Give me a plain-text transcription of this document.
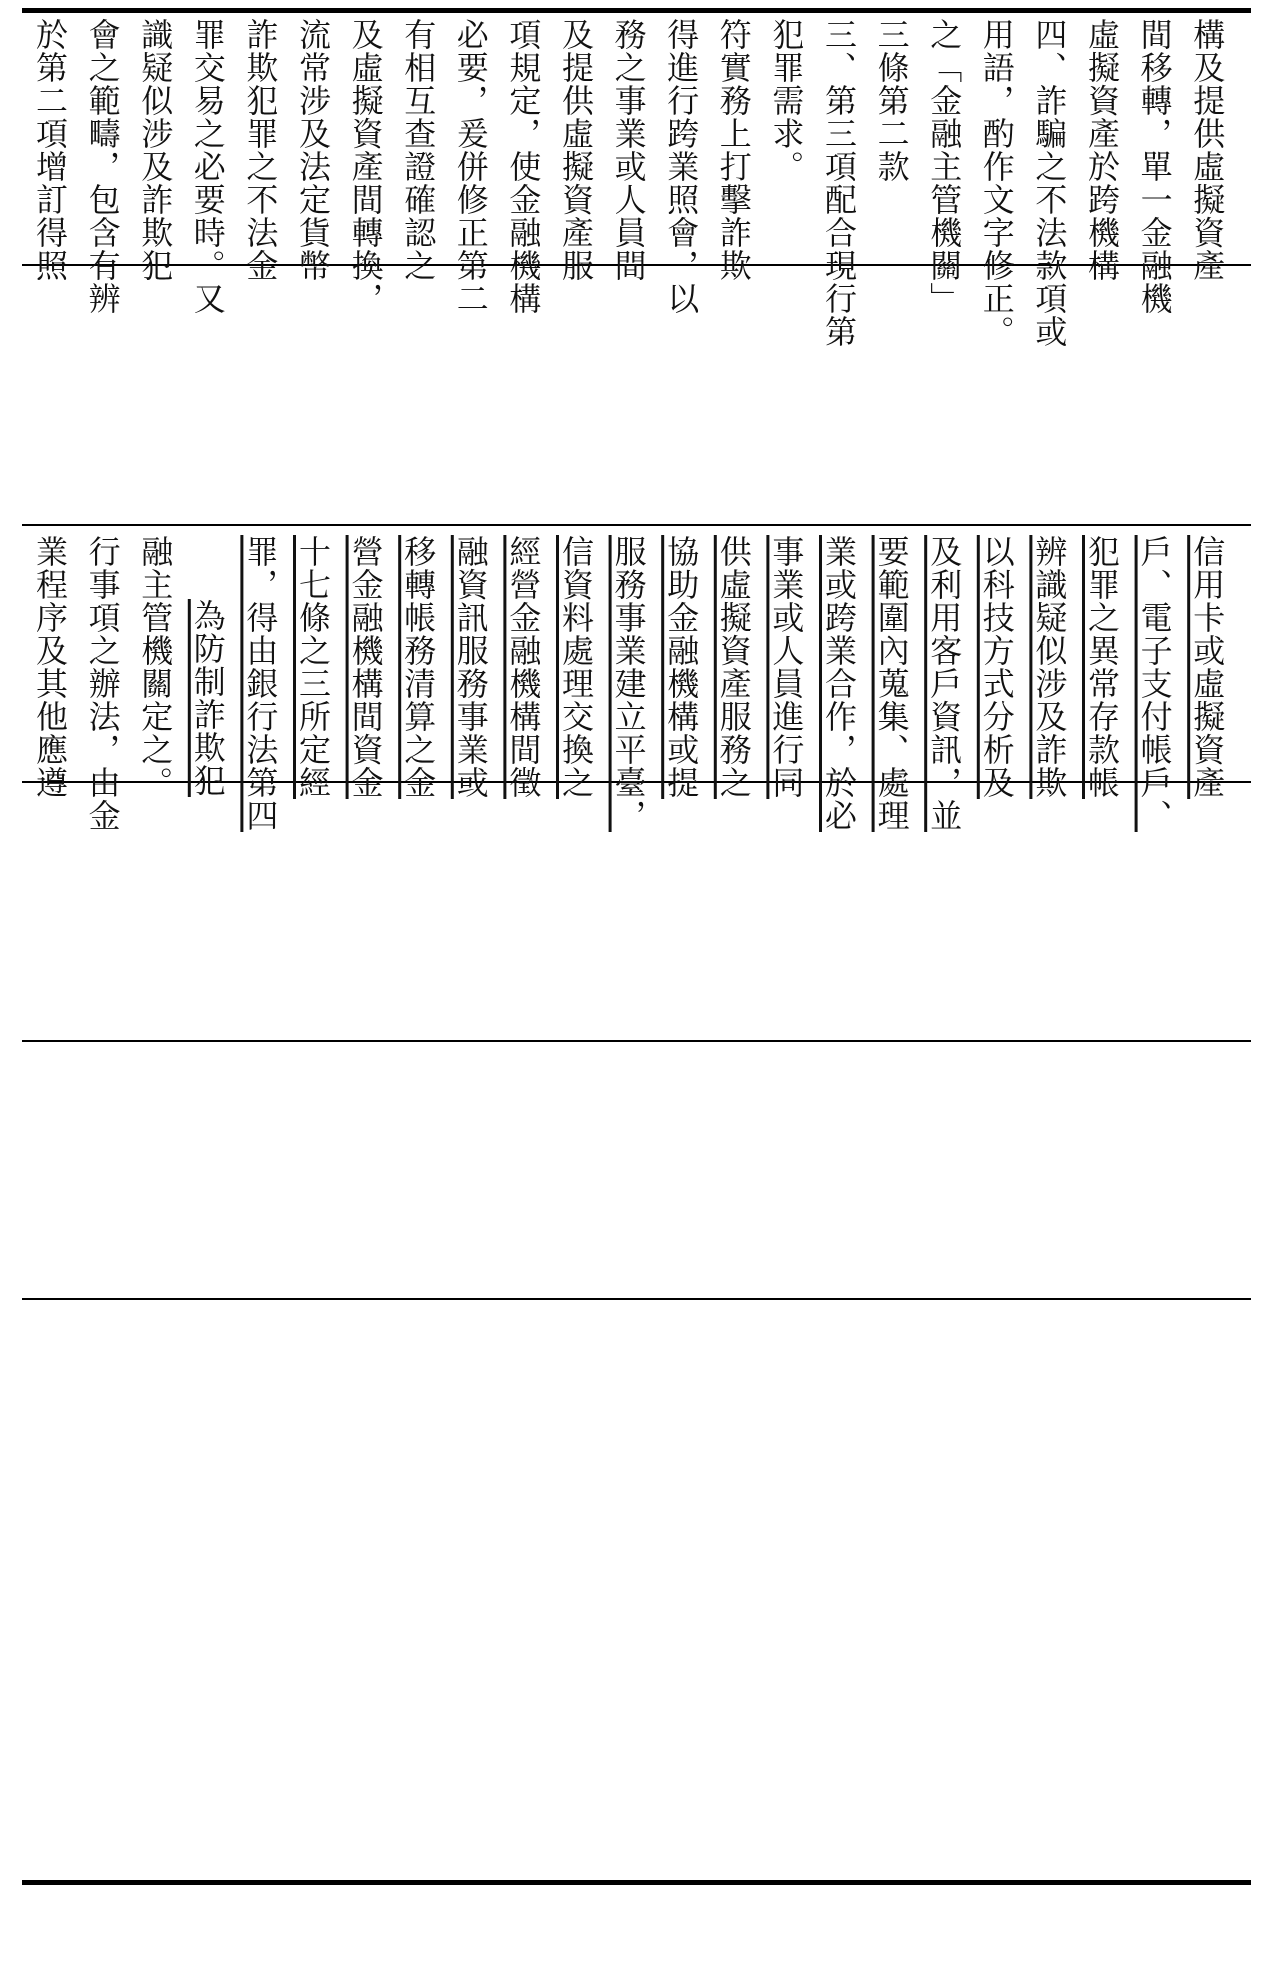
於第二項增訂得照 會之範疇，包含有辨 識疑似涉及詐欺犯 罪交易之必要時。又 詐欺犯罪之不法金 流常涉及法定貨幣 及虛擬資產間轉換， 有相互查證確認之 必要，爰併修正第二 項規定，使金融機構 及提供虛擬資產服 務之事業或人員間 得進行跨業照會，以 符實務上打擊詐欺 犯罪需求。 三、第三項配合現行第 三條第二款 之「金融主管機關」 用語，酌作文字修正。 四、詐騙之不法款項或 虛擬資產於跨機構 間移轉，單一金融機 構及提供虛擬資產
業程序及其他應遵 行事項之辦法，由金 融主管機關定之。 為防制詐欺犯 罪，得由銀行法第四 十七條之三所定經 營金融機構間資金 移轉帳務清算之金 融資訊服務事業或 經營金融機構間徵 信資料處理交換之 服務事業建立平臺， 協助金融機構或提 供虛擬資產服務之 事業或人員進行同 業或跨業合作，於必 要範圍內蒐集、處理 及利用客戶資訊，並 以科技方式分析及 辨識疑似涉及詐欺 犯罪之異常存款帳 戶、電子支付帳戶、 信用卡或虛擬資產
